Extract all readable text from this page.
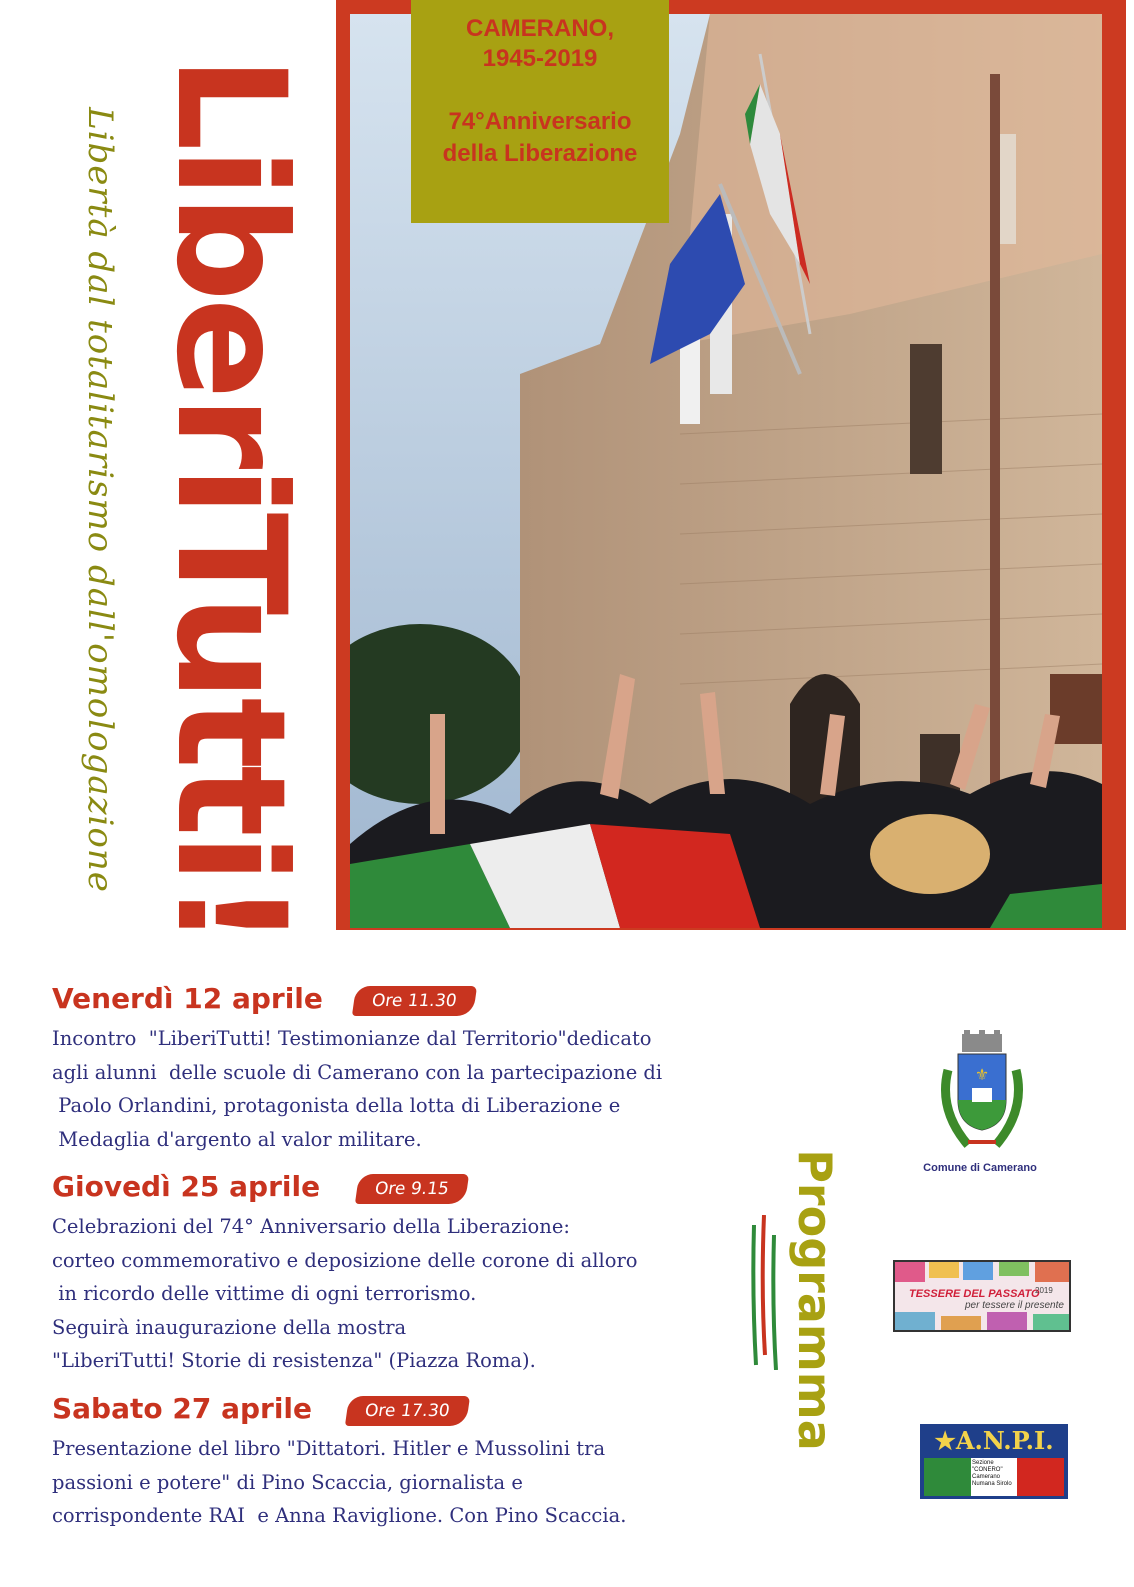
LiberiTutti!
Libertà dal totalitarismo dall'omologazione
CAMERANO,
1945-2019
74°Anniversario
della Liberazione
Venerdì 12 aprile	Ore 11.30
Incontro  "LiberiTutti! Testimonianze dal Territorio"dedicato
agli alunni  delle scuole di Camerano con la partecipazione di
Paolo Orlandini, protagonista della lotta di Liberazione e
Medaglia d'argento al valor militare.
Giovedì 25 aprile	Ore 9.15
Celebrazioni del 74° Anniversario della Liberazione:
corteo commemorativo e deposizione delle corone di alloro
in ricordo delle vittime di ogni terrorismo.
Seguirà inaugurazione della mostra
"LiberiTutti! Storie di resistenza" (Piazza Roma).
Sabato 27 aprile	Ore 17.30
Presentazione del libro "Dittatori. Hitler e Mussolini tra
passioni e potere" di Pino Scaccia, giornalista e
corrispondente RAI  e Anna Raviglione. Con Pino Scaccia.
Programma
⚜
Comune di Camerano
TESSERE DEL PASSATO
per tessere il presente
2019
★A.N.P.I.
Sezione "CONERO" Camerano Numana Sirolo
